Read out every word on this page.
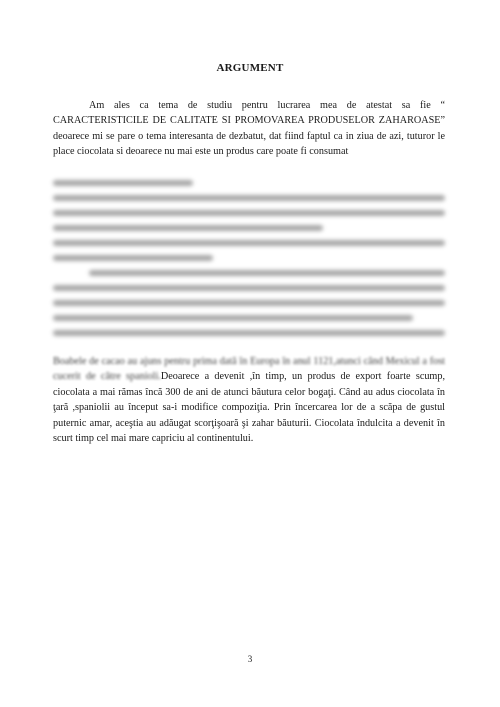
ARGUMENT
Am ales ca tema de studiu pentru lucrarea mea de atestat sa fie “ CARACTERISTICILE DE CALITATE SI PROMOVAREA PRODUSELOR ZAHAROASE” deoarece mi se pare o tema interesanta de dezbatut, dat fiind faptul ca in ziua de azi, tuturor le place ciocolata si deoarece nu mai este un produs care poate fi consumat
Boabele de cacao au ajuns pentru prima dată în Europa în anul 1121,atunci când Mexicul a fost cucerit de către spanioli.Deoarece a devenit ,în timp, un produs de export foarte scump, ciocolata a mai rămas încă 300 de ani de atunci băutura celor bogaţi. Când au adus ciocolata în ţară ,spaniolii au început sa-i modifice compoziţia. Prin încercarea lor de a scăpa de gustul puternic amar, aceştia au adăugat scorţişoară şi zahar băuturii. Ciocolata îndulcita a devenit în scurt timp cel mai mare capriciu al continentului.
3
